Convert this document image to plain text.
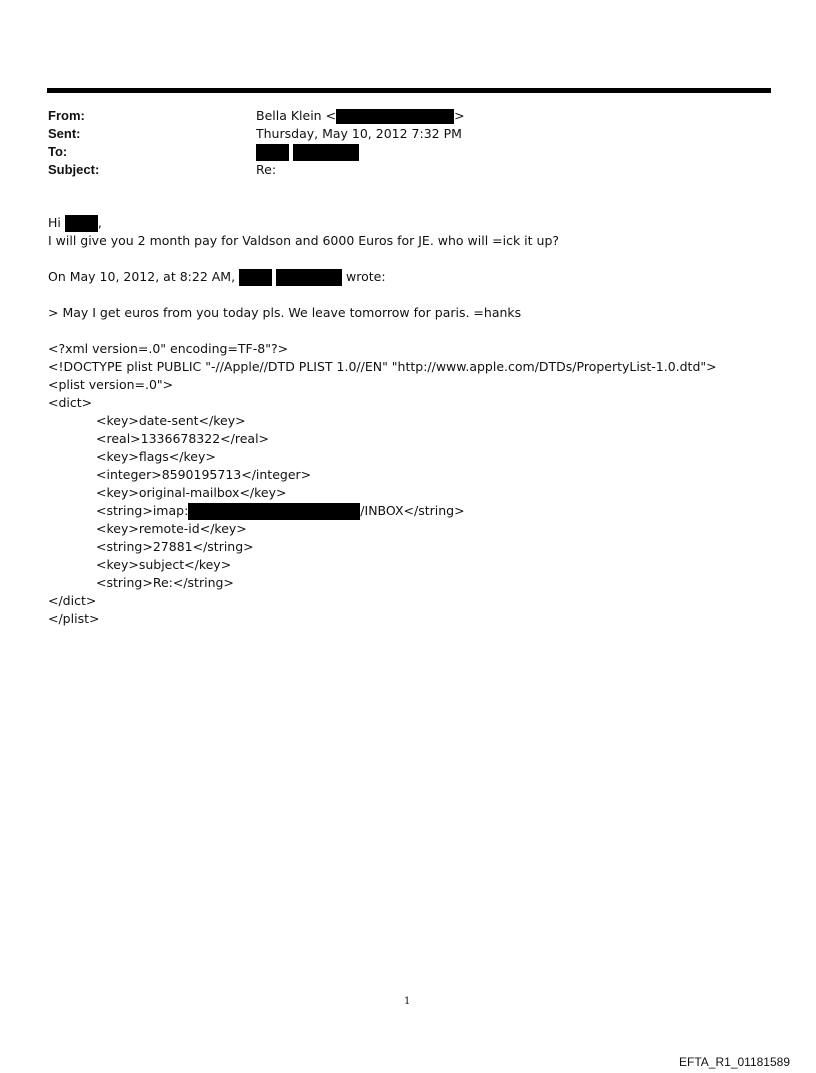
From:	Bella Klein <	>
Sent:	Thursday, May 10, 2012 7:32 PM
To:

Subject:	Re:
Hi	,
I will give you 2 month pay for Valdson and 6000 Euros for JE. who will =ick it up?
On May 10, 2012, at 8:22 AM,	wrote:
> May I get euros from you today pls. We leave tomorrow for paris. =hanks
<?xml version=.0" encoding=TF-8"?>
<!DOCTYPE plist PUBLIC "-//Apple//DTD PLIST 1.0//EN" "http://www.apple.com/DTDs/PropertyList-1.0.dtd">
<plist version=.0">
<dict>
<key>date-sent</key>
<real>1336678322</real>
<key>flags</key>
<integer>8590195713</integer>
<key>original-mailbox</key>
<string>imap:	/INBOX</string>
<key>remote-id</key>
<string>27881</string>
<key>subject</key>
<string>Re:</string>
</dict>
</plist>
1
EFTA_R1_01181589
